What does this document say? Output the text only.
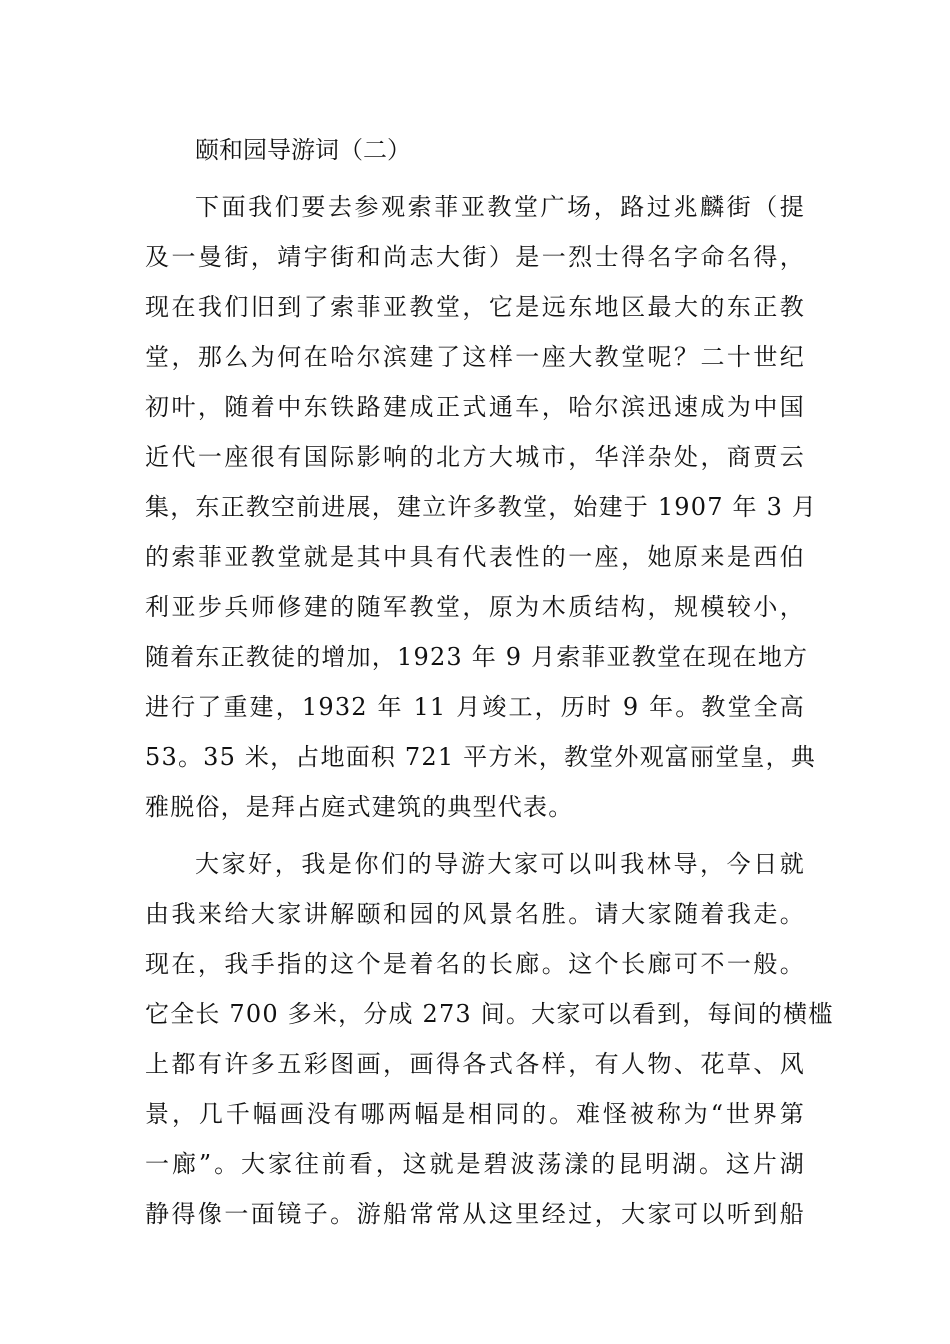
颐和园导游词（二）
下面我们要去参观索菲亚教堂广场，路过兆麟街（提
及一曼街，靖宇街和尚志大街）是一烈士得名字命名得，
现在我们旧到了索菲亚教堂，它是远东地区最大的东正教
堂，那么为何在哈尔滨建了这样一座大教堂呢？二十世纪
初叶，随着中东铁路建成正式通车，哈尔滨迅速成为中国
近代一座很有国际影响的北方大城市，华洋杂处，商贾云
集，东正教空前进展，建立许多教堂，始建于 1907 年 3 月
的索菲亚教堂就是其中具有代表性的一座，她原来是西伯
利亚步兵师修建的随军教堂，原为木质结构，规模较小，
随着东正教徒的增加，1923 年 9 月索菲亚教堂在现在地方
进行了重建，1932 年 11 月竣工，历时 9 年。教堂全高
53。35 米，占地面积 721 平方米，教堂外观富丽堂皇，典
雅脱俗，是拜占庭式建筑的典型代表。
大家好，我是你们的导游大家可以叫我林导，今日就
由我来给大家讲解颐和园的风景名胜。请大家随着我走。
现在，我手指的这个是着名的长廊。这个长廊可不一般。
它全长 700 多米，分成 273 间。大家可以看到，每间的横槛
上都有许多五彩图画，画得各式各样，有人物、花草、风
景，几千幅画没有哪两幅是相同的。难怪被称为“世界第
一廊”。大家往前看，这就是碧波荡漾的昆明湖。这片湖
静得像一面镜子。游船常常从这里经过，大家可以听到船
